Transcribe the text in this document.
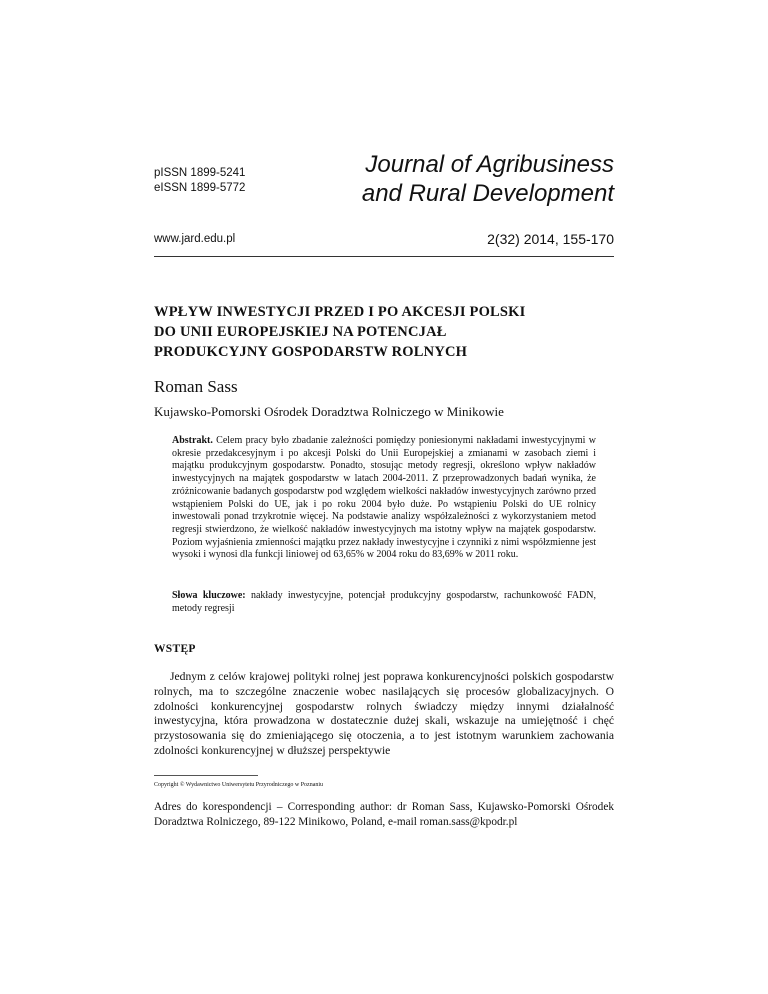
pISSN 1899-5241
eISSN 1899-5772
Journal of Agribusiness
and Rural Development
www.jard.edu.pl	2(32) 2014, 155-170
WPŁYW INWESTYCJI PRZED I PO AKCESJI POLSKI
DO UNII EUROPEJSKIEJ NA POTENCJAŁ
PRODUKCYJNY GOSPODARSTW ROLNYCH
Roman Sass
Kujawsko-Pomorski Ośrodek Doradztwa Rolniczego w Minikowie
Abstrakt. Celem pracy było zbadanie zależności pomiędzy poniesionymi nakładami inwestycyjnymi w okresie przedakcesyjnym i po akcesji Polski do Unii Europejskiej a zmianami w zasobach ziemi i majątku produkcyjnym gospodarstw. Ponadto, stosując metody regresji, określono wpływ nakładów inwestycyjnych na majątek gospodarstw w latach 2004-2011. Z przeprowadzonych badań wynika, że zróżnicowanie badanych gospodarstw pod względem wielkości nakładów inwestycyjnych zarówno przed wstąpieniem Polski do UE, jak i po roku 2004 było duże. Po wstąpieniu Polski do UE rolnicy inwestowali ponad trzykrotnie więcej. Na podstawie analizy współzależności z wykorzystaniem metod regresji stwierdzono, że wielkość nakładów inwestycyjnych ma istotny wpływ na majątek gospodarstw. Poziom wyjaśnienia zmienności majątku przez nakłady inwestycyjne i czynniki z nimi współzmienne jest wysoki i wynosi dla funkcji liniowej od 63,65% w 2004 roku do 83,69% w 2011 roku.
Słowa kluczowe: nakłady inwestycyjne, potencjał produkcyjny gospodarstw, rachunkowość FADN, metody regresji
WSTĘP
Jednym z celów krajowej polityki rolnej jest poprawa konkurencyjności polskich gospodarstw rolnych, ma to szczególne znaczenie wobec nasilających się procesów globalizacyjnych. O zdolności konkurencyjnej gospodarstw rolnych świadczy między innymi działalność inwestycyjna, która prowadzona w dostatecznie dużej skali, wskazuje na umiejętność i chęć przystosowania się do zmieniającego się otoczenia, a to jest istotnym warunkiem zachowania zdolności konkurencyjnej w dłuższej perspektywie
Copyright © Wydawnictwo Uniwersytetu Przyrodniczego w Poznaniu
Adres do korespondencji – Corresponding author: dr Roman Sass, Kujawsko-Pomorski Ośrodek Doradztwa Rolniczego, 89-122 Minikowo, Poland, e-mail roman.sass@kpodr.pl
